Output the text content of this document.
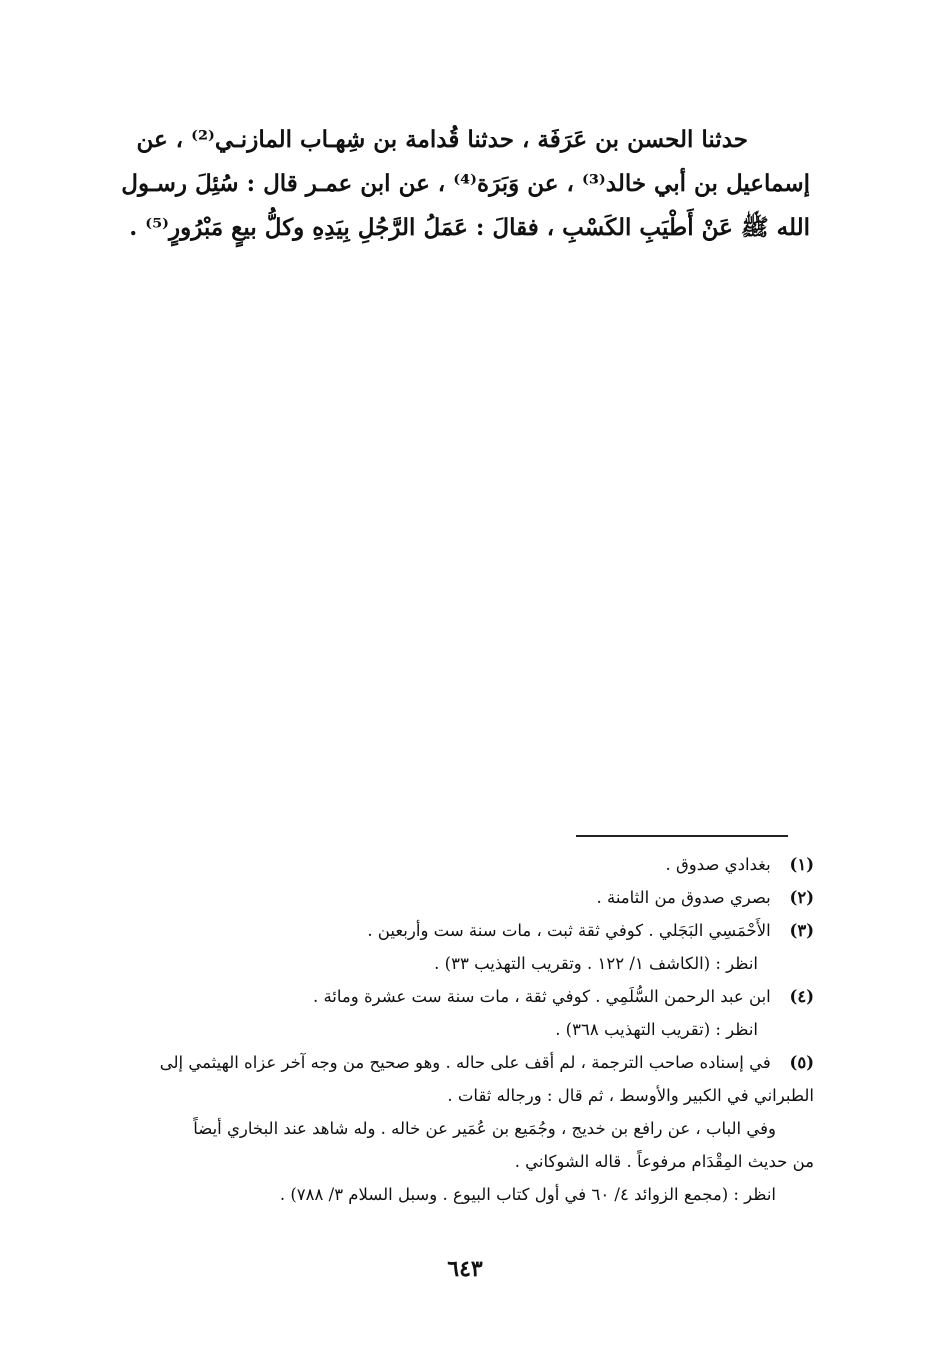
حدثنا الحسن بن عَرَفَة ، حدثنا قُدامة بن شِهـاب المازنـي⁽²⁾ ، عن
إسماعيل بن أبي خالد⁽³⁾ ، عن وَبَرَة⁽⁴⁾ ، عن ابن عمـر قال : سُئِلَ رسـول
الله ﷺ عَنْ أَطْيَبِ الكَسْبِ ، فقالَ : عَمَلُ الرَّجُلِ بِيَدِهِ وكلُّ بيعٍ مَبْرُورٍ⁽⁵⁾ .
(١) بغدادي صدوق .
(٢) بصري صدوق من الثامنة .
(٣) الأَحْمَسِي البَجَلي . كوفي ثقة ثبت ، مات سنة ست وأربعين .
انظر : (الكاشف ١/ ١٢٢ . وتقريب التهذيب ٣٣) .
(٤) ابن عبد الرحمن السُّلَمِي . كوفي ثقة ، مات سنة ست عشرة ومائة .
انظر : (تقريب التهذيب ٣٦٨) .
(٥) في إسناده صاحب الترجمة ، لم أقف على حاله . وهو صحيح من وجه آخر عزاه الهيثمي إلى
الطبراني في الكبير والأوسط ، ثم قال : ورجاله ثقات .
وفي الباب ، عن رافع بن خديج ، وجُمَيع بن عُمَير عن خاله . وله شاهد عند البخاري أيضاً
من حديث المِقْدَام مرفوعاً . قاله الشوكاني .
انظر : (مجمع الزوائد ٤/ ٦٠ في أول كتاب البيوع . وسبل السلام ٣/ ٧٨٨) .
٦٤٣
